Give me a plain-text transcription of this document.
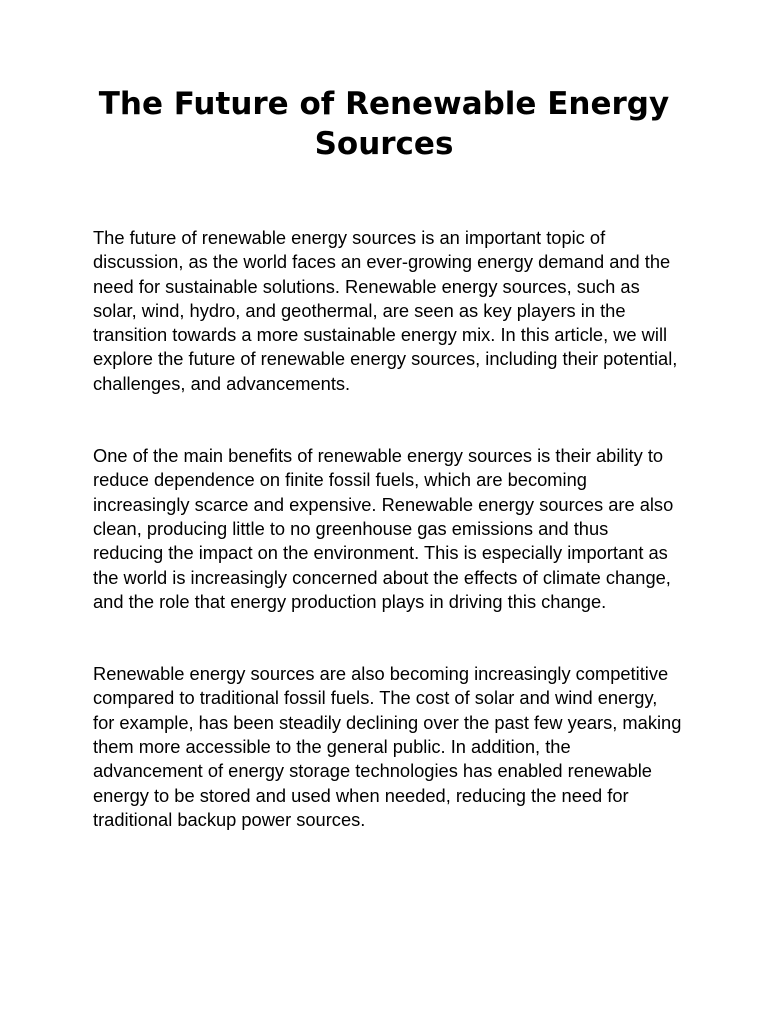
The Future of Renewable Energy Sources

The future of renewable energy sources is an important topic of discussion, as the world faces an ever-growing energy demand and the need for sustainable solutions. Renewable energy sources, such as solar, wind, hydro, and geothermal, are seen as key players in the transition towards a more sustainable energy mix. In this article, we will explore the future of renewable energy sources, including their potential, challenges, and advancements.

One of the main benefits of renewable energy sources is their ability to reduce dependence on finite fossil fuels, which are becoming increasingly scarce and expensive. Renewable energy sources are also clean, producing little to no greenhouse gas emissions and thus reducing the impact on the environment. This is especially important as the world is increasingly concerned about the effects of climate change, and the role that energy production plays in driving this change.

Renewable energy sources are also becoming increasingly competitive compared to traditional fossil fuels. The cost of solar and wind energy, for example, has been steadily declining over the past few years, making them more accessible to the general public. In addition, the advancement of energy storage technologies has enabled renewable energy to be stored and used when needed, reducing the need for traditional backup power sources.
